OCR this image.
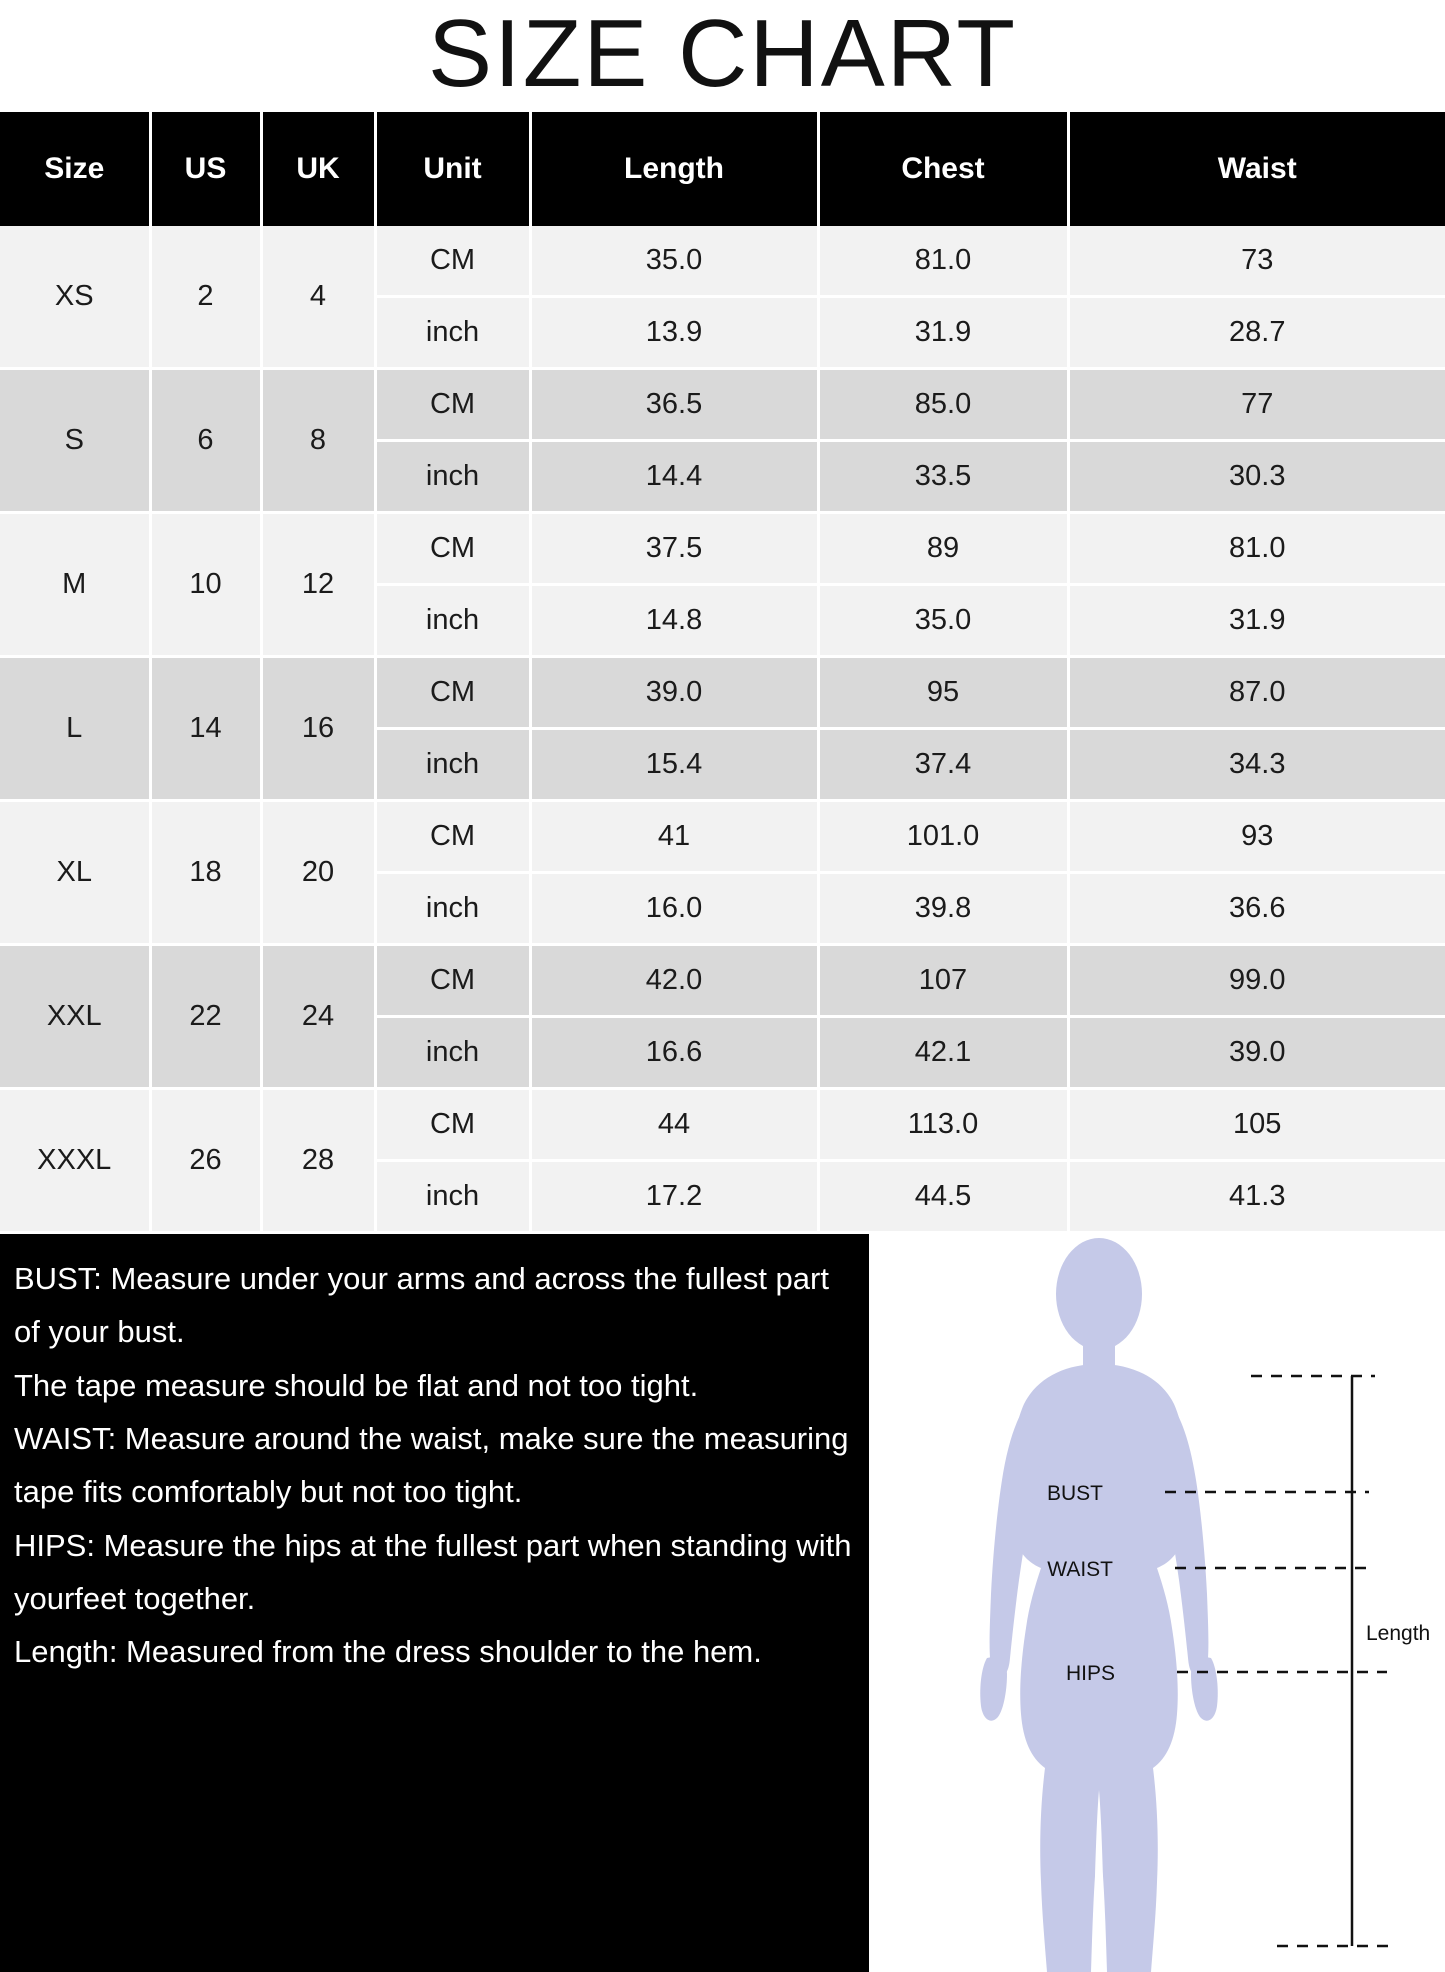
SIZE CHART
Size	US	UK	Unit	Length	Chest	Waist
XS	2	4	CM	35.0	81.0	73
			inch	13.9	31.9	28.7
S	6	8	CM	36.5	85.0	77
			inch	14.4	33.5	30.3
M	10	12	CM	37.5	89	81.0
			inch	14.8	35.0	31.9
L	14	16	CM	39.0	95	87.0
			inch	15.4	37.4	34.3
XL	18	20	CM	41	101.0	93
			inch	16.0	39.8	36.6
XXL	22	24	CM	42.0	107	99.0
			inch	16.6	42.1	39.0
XXXL	26	28	CM	44	113.0	105
			inch	17.2	44.5	41.3

BUST: Measure under your arms and across the fullest part of your bust.

The tape measure should be flat and not too tight.

WAIST: Measure around the waist, make sure the measuring tape fits comfortably but not too tight.

HIPS: Measure the hips at the fullest part when standing with yourfeet together.

Length: Measured from the dress shoulder to the hem.

BUST
WAIST
HIPS
Length
